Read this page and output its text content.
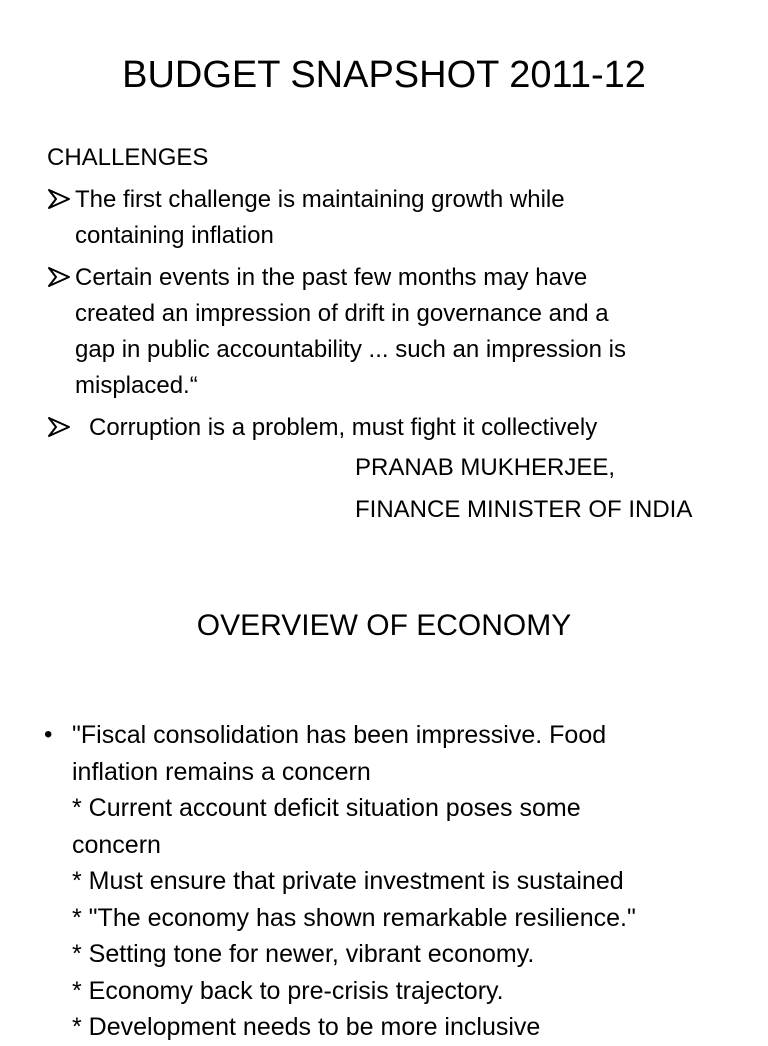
BUDGET SNAPSHOT 2011-12
CHALLENGES
The first challenge is maintaining growth while
containing inflation
Certain events in the past few months may have
created an impression of drift in governance and a
gap in public accountability ... such an impression is
misplaced.“
Corruption is a problem, must fight it collectively
PRANAB MUKHERJEE,
FINANCE MINISTER OF INDIA
OVERVIEW OF ECONOMY
• "Fiscal consolidation has been impressive. Food
inflation remains a concern
* Current account deficit situation poses some
concern
* Must ensure that private investment is sustained
* "The economy has shown remarkable resilience."
* Setting tone for newer, vibrant economy.
* Economy back to pre-crisis trajectory.
* Development needs to be more inclusive
